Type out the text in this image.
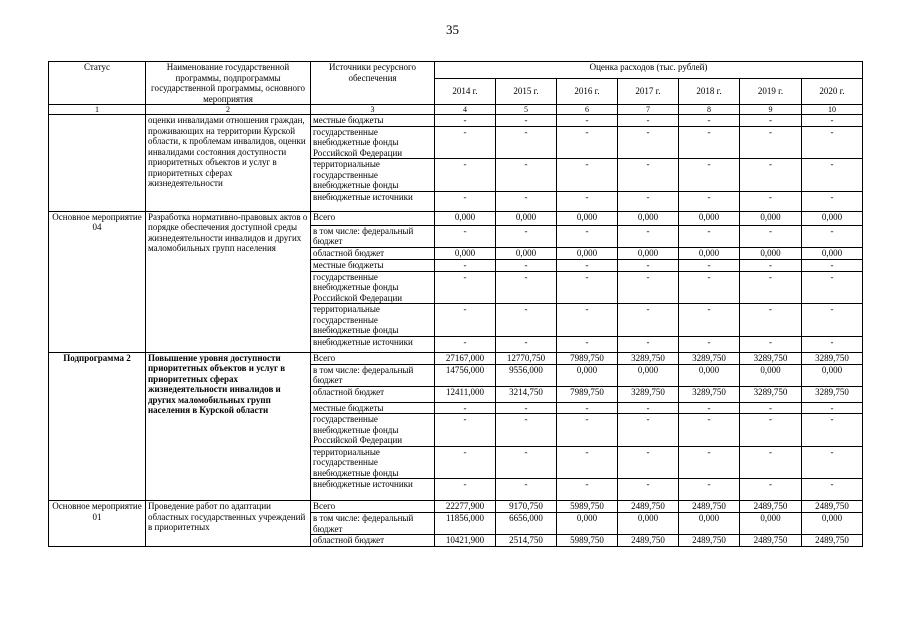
35
Статус	Наименование государственной программы, подпрограммы государственной программы, основного мероприятия	Источники ресурсного обеспечения	Оценка расходов (тыс. рублей)						
			2014 г.	2015 г.	2016 г.	2017 г.	2018 г.	2019 г.	2020 г.
1	2	3	4	5	6	7	8	9	10
	оценки инвалидами отношения граждан, проживающих на территории Курской области, к проблемам инвалидов, оценки инвалидами состояния доступности приоритетных объектов и услуг в приоритетных сферах жизнедеятельности	местные бюджеты	-	-	-	-	-	-	-
		государственные внебюджетные фонды Российской Федерации	-	-	-	-	-	-	-
		территориальные государственные внебюджетные фонды	-	-	-	-	-	-	-
		внебюджетные источники	-	-	-	-	-	-	-
Основное мероприятие 04	Разработка нормативно-правовых актов о порядке обеспечения доступной среды жизнедеятельности инвалидов и других маломобильных групп населения	Всего	0,000	0,000	0,000	0,000	0,000	0,000	0,000
		в том числе: федеральный бюджет	-	-	-	-	-	-	-
		областной бюджет	0,000	0,000	0,000	0,000	0,000	0,000	0,000
		местные бюджеты	-	-	-	-	-	-	-
		государственные внебюджетные фонды Российской Федерации	-	-	-	-	-	-	-
		территориальные государственные внебюджетные фонды	-	-	-	-	-	-	-
		внебюджетные источники	-	-	-	-	-	-	-
Подпрограмма 2	Повышение уровня доступности приоритетных объектов и услуг в приоритетных сферах жизнедеятельности инвалидов и других маломобильных групп населения в Курской области	Всего	27167,000	12770,750	7989,750	3289,750	3289,750	3289,750	3289,750
		в том числе: федеральный бюджет	14756,000	9556,000	0,000	0,000	0,000	0,000	0,000
		областной бюджет	12411,000	3214,750	7989,750	3289,750	3289,750	3289,750	3289,750
		местные бюджеты	-	-	-	-	-	-	-
		государственные внебюджетные фонды Российской Федерации	-	-	-	-	-	-	-
		территориальные государственные внебюджетные фонды	-	-	-	-	-	-	-
		внебюджетные источники	-	-	-	-	-	-	-
Основное мероприятие 01	Проведение работ по адаптации областных государственных учреждений в приоритетных	Всего	22277,900	9170,750	5989,750	2489,750	2489,750	2489,750	2489,750
		в том числе: федеральный бюджет	11856,000	6656,000	0,000	0,000	0,000	0,000	0,000
		областной бюджет	10421,900	2514,750	5989,750	2489,750	2489,750	2489,750	2489,750
